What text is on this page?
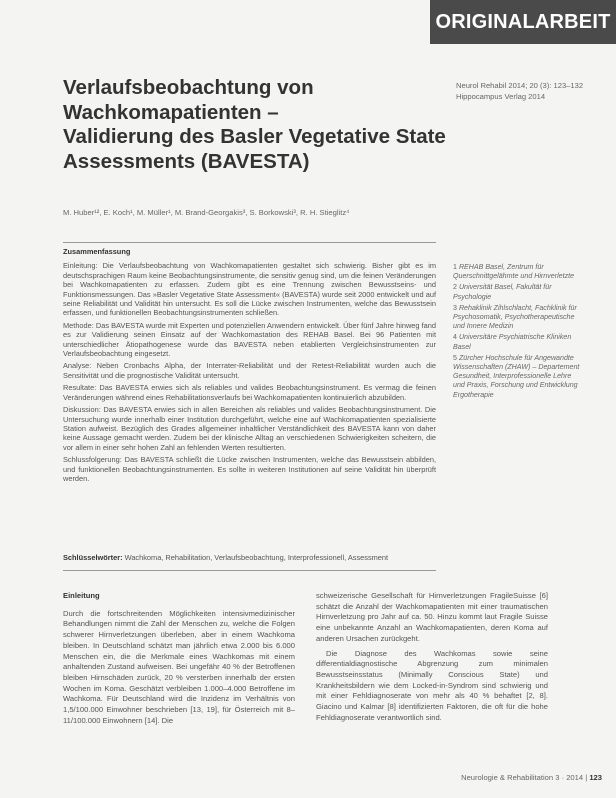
ORIGINALARBEIT
Verlaufsbeobachtung von
Wachkomapatienten –
Validierung des Basler Vegetative State
Assessments (BAVESTA)
Neurol Rehabil 2014; 20 (3): 123–132
Hippocampus Verlag 2014
M. Huber¹², E. Koch¹, M. Müller¹, M. Brand-Georgakis³, S. Borkowski³, R. H. Stieglitz⁴
Zusammenfassung

Einleitung: Die Verlaufsbeobachtung von Wachkomapatienten gestaltet sich schwierig. Bisher gibt es im deutschsprachigen Raum keine Beobachtungsinstrumente, die sensitiv genug sind, um die feinen Veränderungen bei Wachkomapatienten zu erfassen. Zudem gibt es eine Trennung zwischen Bewusstseins- und Funktionsmessungen. Das »Basler Vegetative State Assessment« (BAVESTA) wurde seit 2000 entwickelt und auf seine Reliabilität und Validität hin untersucht. Es soll die Lücke zwischen Instrumenten, welche das Bewusstsein erfassen, und funktionellen Beobachtungsinstrumenten schließen.

Methode: Das BAVESTA wurde mit Experten und potenziellen Anwendern entwickelt. Über fünf Jahre hinweg fand es zur Validierung seinen Einsatz auf der Wachkomastation des REHAB Basel. Bei 96 Patienten mit unterschiedlicher Ätiopathogenese wurde das BAVESTA neben etablierten Vergleichsinstrumenten zur Verlaufsbeobachtung eingesetzt.

Analyse: Neben Cronbachs Alpha, der Interrater-Reliabilität und der Retest-Reliabilität wurden auch die Sensitivität und die prognostische Validität untersucht.

Resultate: Das BAVESTA erwies sich als reliables und valides Beobachtungsinstrument. Es vermag die feinen Veränderungen während eines Rehabilitationsverlaufs bei Wachkomapatienten kontinuierlich abzubilden.

Diskussion: Das BAVESTA erwies sich in allen Bereichen als reliables und valides Beobachtungsinstrument. Die Untersuchung wurde innerhalb einer Institution durchgeführt, welche eine auf Wachkomapatienten spezialisierte Station aufweist. Bezüglich des Grades allgemeiner inhaltlicher Verständlichkeit des BAVESTA kann von daher keine Aussage gemacht werden. Zudem bei der klinische Alltag an verschiedenen Schwierigkeiten scheitern, die vor allem in einer sehr hohen Zahl an fehlenden Werten resultierten.

Schlussfolgerung: Das BAVESTA schließt die Lücke zwischen Instrumenten, welche das Bewusstsein abbilden, und funktionellen Beobachtungsinstrumenten. Es sollte in weiteren Institutionen auf seine Validität hin überprüft werden.

Schlüsselwörter: Wachkoma, Rehabilitation, Verlaufsbeobachtung, Interprofessionell, Assessment
1 REHAB Basel, Zentrum für Querschnittgelähmte und Hirnverletzte
2 Universität Basel, Fakultät für Psychologie
3 Rehaklinik Zihlschlacht, Fachklinik für Psychosomatik, Psychotherapeutische und Innere Medizin
4 Universitäre Psychiatrische Kliniken Basel
5 Zürcher Hochschule für Angewandte Wissenschaften (ZHAW) – Departement Gesundheit, Interprofessionelle Lehre und Praxis, Forschung und Entwicklung Ergotherapie
Einleitung

Durch die fortschreitenden Möglichkeiten intensivmedizinischer Behandlungen nimmt die Zahl der Menschen zu, welche die Folgen schwerer Hirnverletzungen überleben, aber in einem Wachkoma bleiben. In Deutschland schätzt man jährlich etwa 2.000 bis 6.000 Menschen ein, die die Merkmale eines Wachkomas mit einem anhaltenden Zustand aufweisen. Bei ungefähr 40 % der Betroffenen bleiben Hirnschäden zurück, 20 % versterben innerhalb der ersten Wochen im Koma. Geschätzt verbleiben 1.000–4.000 Betroffene im Wachkoma. Für Deutschland wird die Inzidenz im Verhältnis von 1,5/100.000 Einwohner beschrieben [13, 19], für Österreich mit 8–11/100.000 Einwohnern [14]. Die

schweizerische Gesellschaft für Hirnverletzungen FragileSuisse [6] schätzt die Anzahl der Wachkomapatienten mit einer traumatischen Hirnverletzung pro Jahr auf ca. 50. Hinzu kommt laut Fragile Suisse eine unbekannte Anzahl an Wachkomapatienten, deren Koma auf anderen Ursachen zurückgeht.

Die Diagnose des Wachkomas sowie seine differentialdiagnostische Abgrenzung zum minimalen Bewusstseinsstatus (Minimally Conscious State) und Krankheitsbildern wie dem Locked-in-Syndrom sind schwierig und mit einer Fehldiagnoserate von mehr als 40 % behaftet [2, 8]. Giacino und Kalmar [8] identifizierten Faktoren, die oft für die hohe Fehldiagnoserate verantwortlich sind.

Neurologie & Rehabilitation 3 · 2014 | 123
